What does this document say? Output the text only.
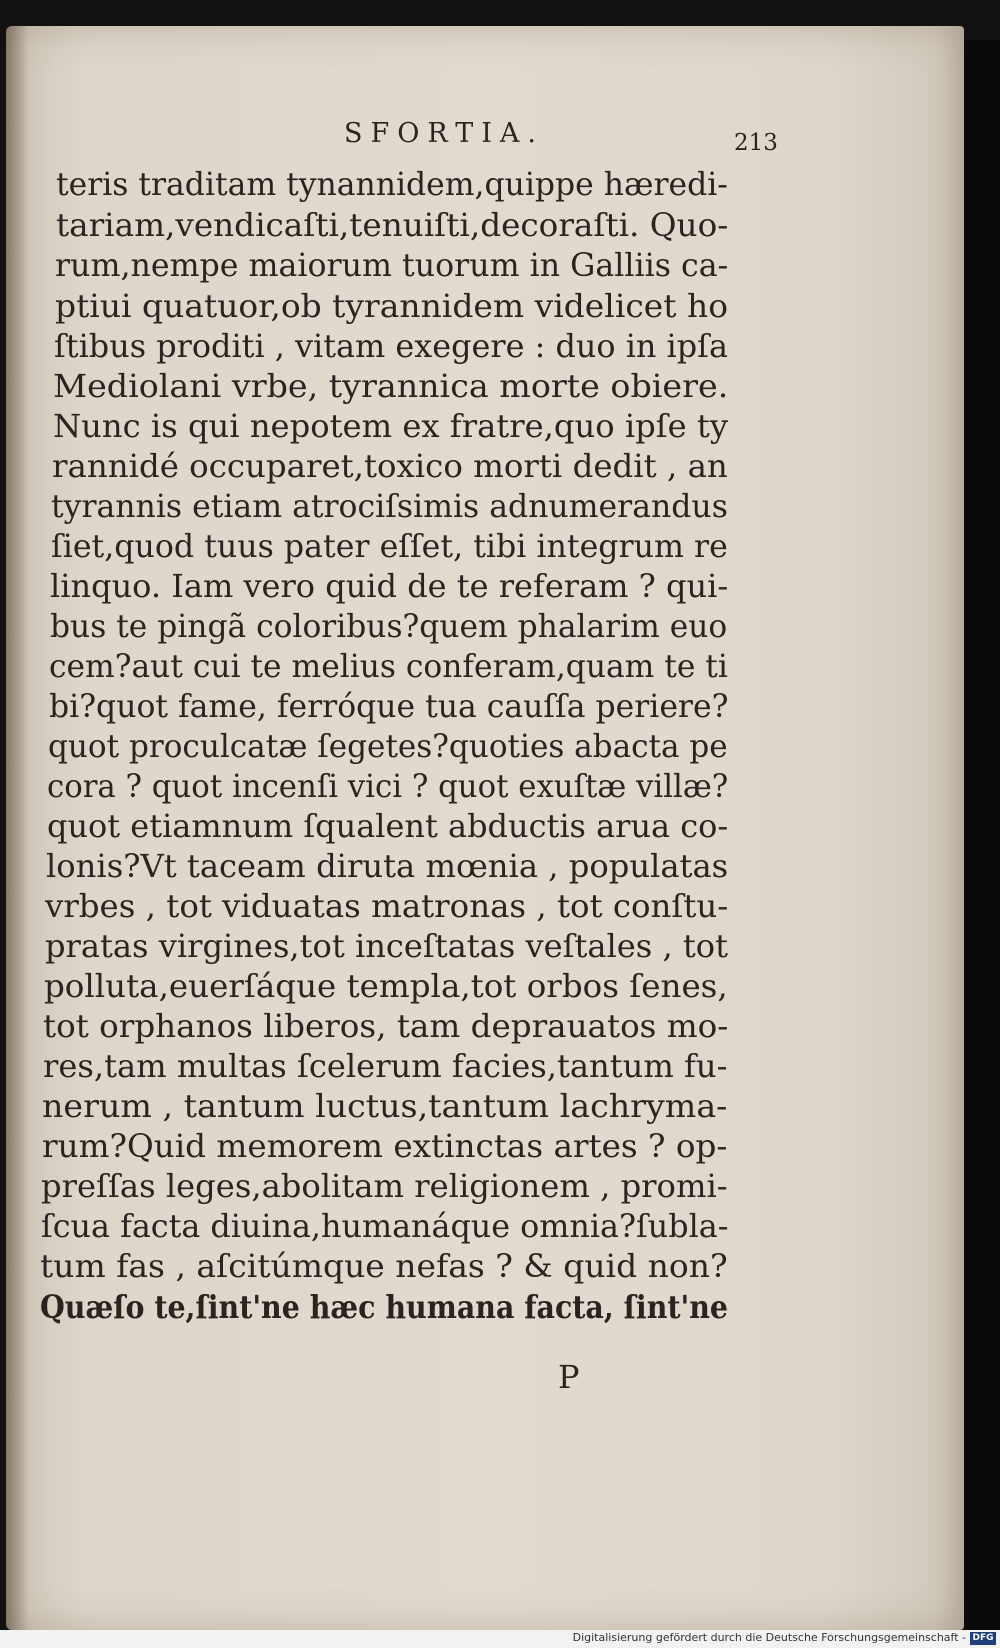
SFORTIA.	213
teris traditam tynannidem,quippe hæredi-
tariam,vendicaſti,tenuiſti,decoraſti. Quo-
rum,nempe maiorum tuorum in Galliis ca-
ptiui quatuor,ob tyrannidem videlicet ho
ſtibus proditi , vitam exegere : duo in ipſa
Mediolani vrbe, tyrannica morte obiere.
Nunc is qui nepotem ex fratre,quo ipſe ty
rannidé occuparet,toxico morti dedit , an
tyrannis etiam atrociſsimis adnumerandus
ſiet,quod tuus pater eſſet, tibi integrum re
linquo. Iam vero quid de te referam ? qui-
bus te pingã coloribus?quem phalarim euo
cem?aut cui te melius conferam,quam te ti
bi?quot fame, ferróque tua cauſſa periere?
quot proculcatæ ſegetes?quoties abacta pe
cora ? quot incenſi vici ? quot exuſtæ villæ?
quot etiamnum ſqualent abductis arua co-
lonis?Vt taceam diruta mœnia , populatas
vrbes , tot viduatas matronas , tot conſtu-
pratas virgines,tot inceſtatas veſtales , tot
polluta,euerſáque templa,tot orbos ſenes,
tot orphanos liberos, tam deprauatos mo-
res,tam multas ſcelerum facies,tantum fu-
nerum , tantum luctus,tantum lachryma-
rum?Quid memorem extinctas artes ? op-
preſſas leges,abolitam religionem , promi-
ſcua facta diuina,humanáque omnia?ſubla-
tum fas , aſcitúmque nefas ? & quid non?
Quæſo te,ſint'ne hæc humana facta, ſint'ne
P
Digitalisierung gefördert durch die Deutsche Forschungsgemeinschaft - DFG
